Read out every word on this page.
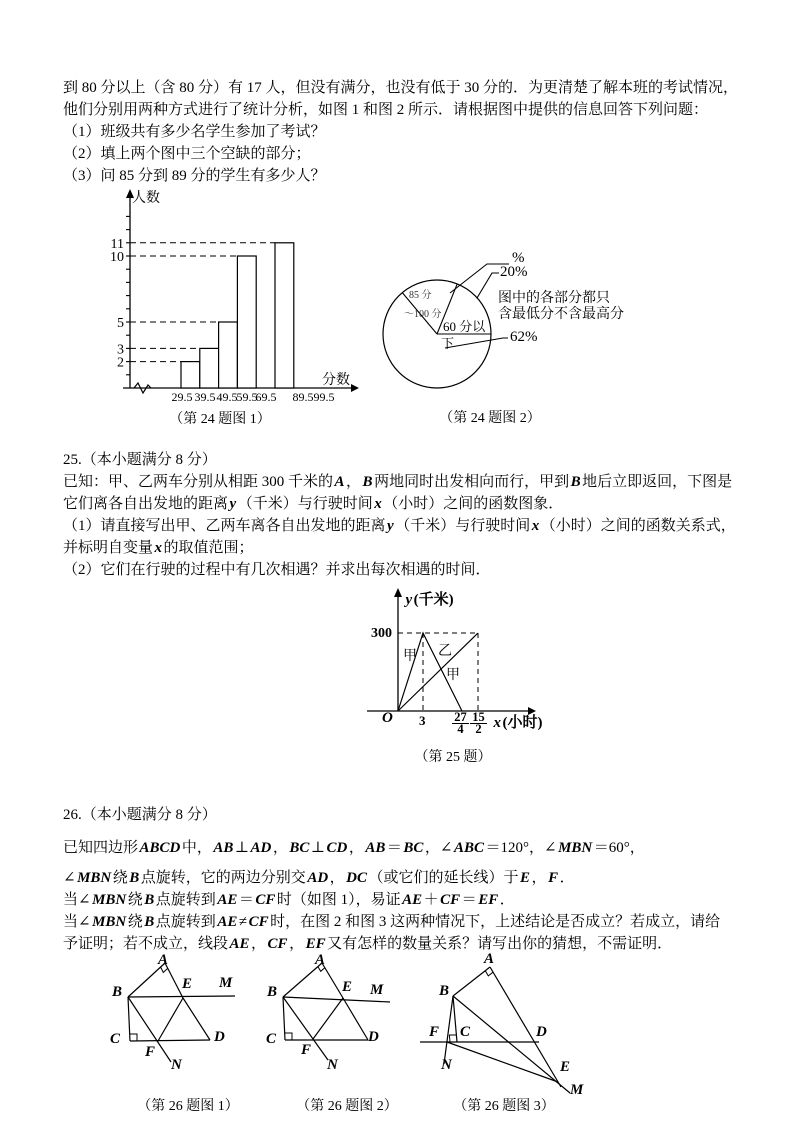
到 80 分以上（含 80 分）有 17 人，但没有满分，也没有低于 30 分的．为更清楚了解本班的考试情况，
他们分别用两种方式进行了统计分析，如图 1 和图 2 所示．请根据图中提供的信息回答下列问题：
（1）班级共有多少名学生参加了考试？
（2）填上两个图中三个空缺的部分；
（3）问 85 分到 89 分的学生有多少人？
2
3
5
10
11
29.5 39.5 49.5 59.5
69.5 89.5 99.5
人数
分数
（第 24 题图 1）
85 分
～100 分
60 分以
下
%
20%
62%
图中的各部分都只
含最低分不含最高分
（第 24 题图 2）
25.（本小题满分 8 分）
已知：甲、乙两车分别从相距 300 千米的 A ， B 两地同时出发相向而行，甲到 B 地后立即返回，下图是
它们离各自出发地的距离 y （千米）与行驶时间 x （小时）之间的函数图象．
（1）请直接写出甲、乙两车离各自出发地的距离 y （千米）与行驶时间 x （小时）之间的函数关系式，
并标明自变量 x 的取值范围；
（2）它们在行驶的过程中有几次相遇？并求出每次相遇的时间．
y (千米)
300
甲 乙
甲
O $3 \frac{27}{4} \frac{15}{2}$ x (小时)
（第 25 题）
26.（本小题满分 8 分）
已知四边形 ABCD 中， AB ⊥ AD ， BC ⊥ CD ， AB ＝ BC ，∠ ABC ＝120°，∠ MBN ＝60°，
∠ MBN 绕 B 点旋转，它的两边分别交 AD ， DC （或它们的延长线）于 E ， F ．
当∠ MBN 绕 B 点旋转到 AE ＝ CF 时（如图 1），易证 AE ＋ CF ＝ EF ．
当∠ MBN 绕 B 点旋转到 AE ≠ CF 时，在图 2 和图 3 这两种情况下，上述结论是否成立？若成立，请给
予证明；若不成立，线段 AE ， CF ， EF 又有怎样的数量关系？请写出你的猜想，不需证明．
A
B	E M
C
F
D
N
A
B	E M
C
F
D
N
A
B
F C	D
E
M
N
（第 26 题图 1）	（第 26 题图 2）	（第 26 题图 3）
